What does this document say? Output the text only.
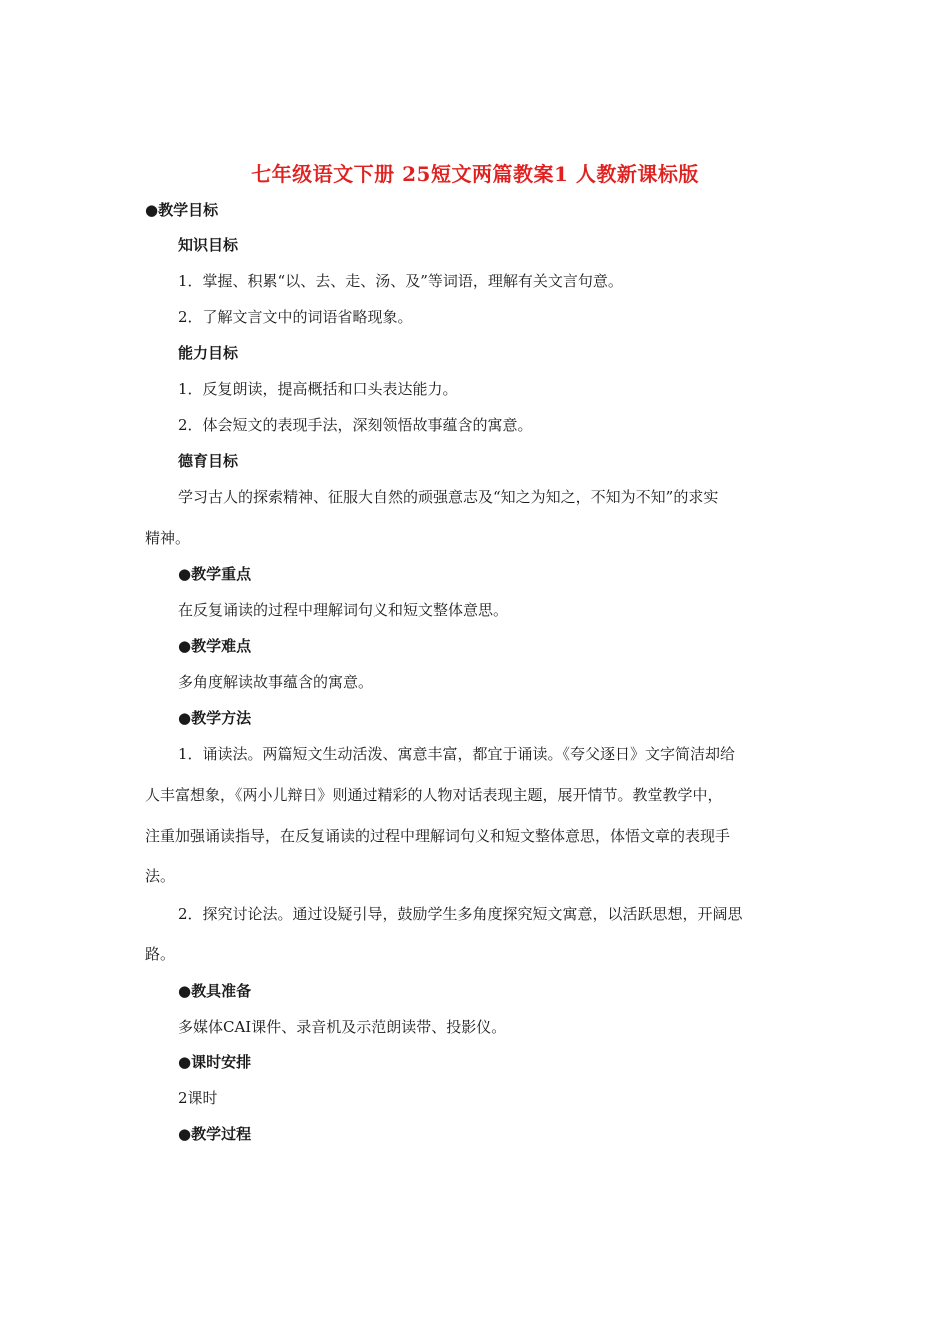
七年级语文下册 25短文两篇教案1 人教新课标版
●教学目标
知识目标
1．掌握、积累“以、去、走、汤、及”等词语，理解有关文言句意。
2．了解文言文中的词语省略现象。
能力目标
1．反复朗读，提高概括和口头表达能力。
2．体会短文的表现手法，深刻领悟故事蕴含的寓意。
德育目标
学习古人的探索精神、征服大自然的顽强意志及“知之为知之，不知为不知”的求实
精神。
●教学重点
在反复诵读的过程中理解词句义和短文整体意思。
●教学难点
多角度解读故事蕴含的寓意。
●教学方法
1．诵读法。两篇短文生动活泼、寓意丰富，都宜于诵读。《夸父逐日》文字简洁却给
人丰富想象，《两小儿辩日》则通过精彩的人物对话表现主题，展开情节。教堂教学中，
注重加强诵读指导，在反复诵读的过程中理解词句义和短文整体意思，体悟文章的表现手
法。
2．探究讨论法。通过设疑引导，鼓励学生多角度探究短文寓意，以活跃思想，开阔思
路。
●教具准备
多媒体CAI课件、录音机及示范朗读带、投影仪。
●课时安排
2课时
●教学过程
